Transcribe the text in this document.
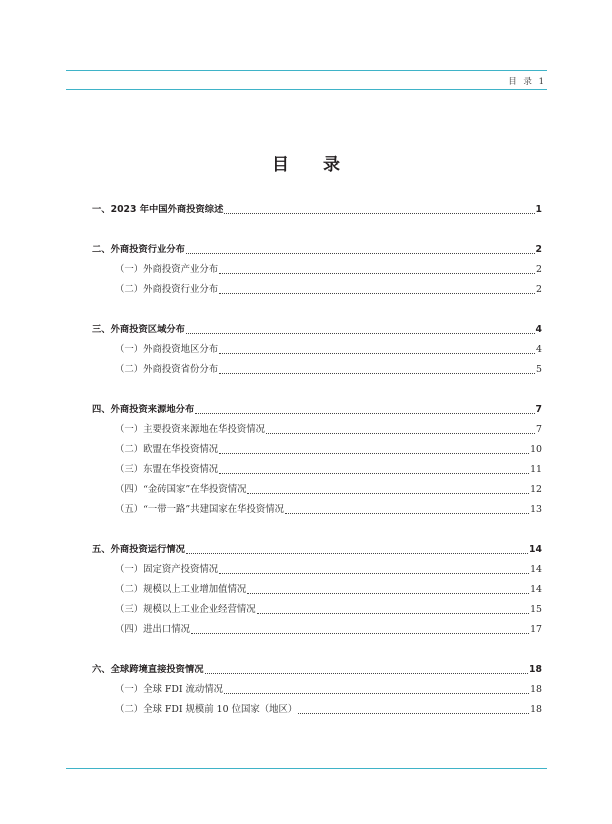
目 录 1
目 录
一、2023 年中国外商投资综述	1
二、外商投资行业分布	2
（一）外商投资产业分布	2
（二）外商投资行业分布	2
三、外商投资区域分布	4
（一）外商投资地区分布	4
（二）外商投资省份分布	5
四、外商投资来源地分布	7
（一）主要投资来源地在华投资情况	7
（二）欧盟在华投资情况	10
（三）东盟在华投资情况	11
（四）“金砖国家”在华投资情况	12
（五）“一带一路”共建国家在华投资情况	13
五、外商投资运行情况	14
（一）固定资产投资情况	14
（二）规模以上工业增加值情况	14
（三）规模以上工业企业经营情况	15
（四）进出口情况	17
六、全球跨境直接投资情况	18
（一）全球 FDI 流动情况	18
（二）全球 FDI 规模前 10 位国家（地区）	18
